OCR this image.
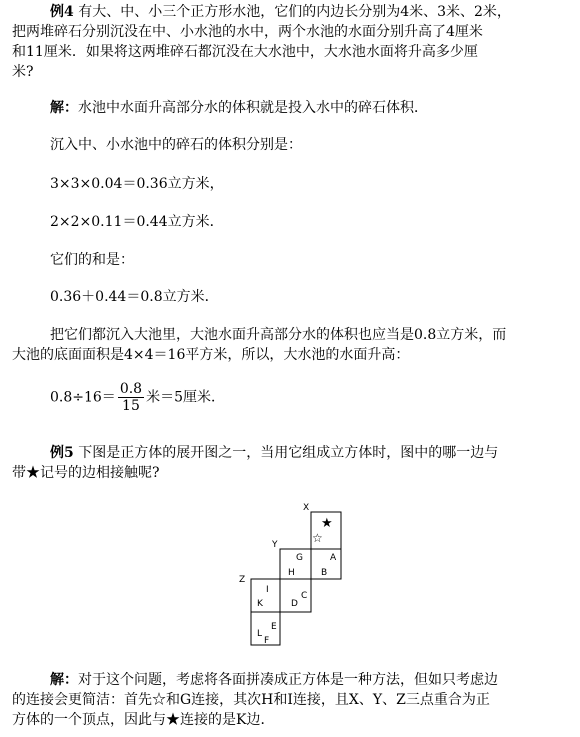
例4 有大、中、小三个正方形水池，它们的内边长分别为4米、3米、2米，
把两堆碎石分别沉没在中、小水池的水中，两个水池的水面分别升高了4厘米
和11厘米．如果将这两堆碎石都沉没在大水池中，大水池水面将升高多少厘
米?
解：水池中水面升高部分水的体积就是投入水中的碎石体积．
沉入中、小水池中的碎石的体积分别是：
3×3×0.04＝0.36立方米，
2×2×0.11＝0.44立方米．
它们的和是：
0.36＋0.44＝0.8立方米．
把它们都沉入大池里，大池水面升高部分水的体积也应当是0.8立方米，而
大池的底面面积是4×4＝16平方米，所以，大水池的水面升高：
$0.8\div 16= \frac{0.8}{15}$ 米＝5厘米．
例5 下图是正方体的展开图之一，当用它组成立方体时，图中的哪一边与
带★记号的边相接触呢?
X
Y
Z
G
H
A
B
I
K
C
D
E
L
F
★
☆
解：对于这个问题，考虑将各面拼凑成正方体是一种方法，但如只考虑边
的连接会更简洁：首先☆和G连接，其次H和I连接，且X、Y、Z三点重合为正
方体的一个顶点，因此与★连接的是K边．
